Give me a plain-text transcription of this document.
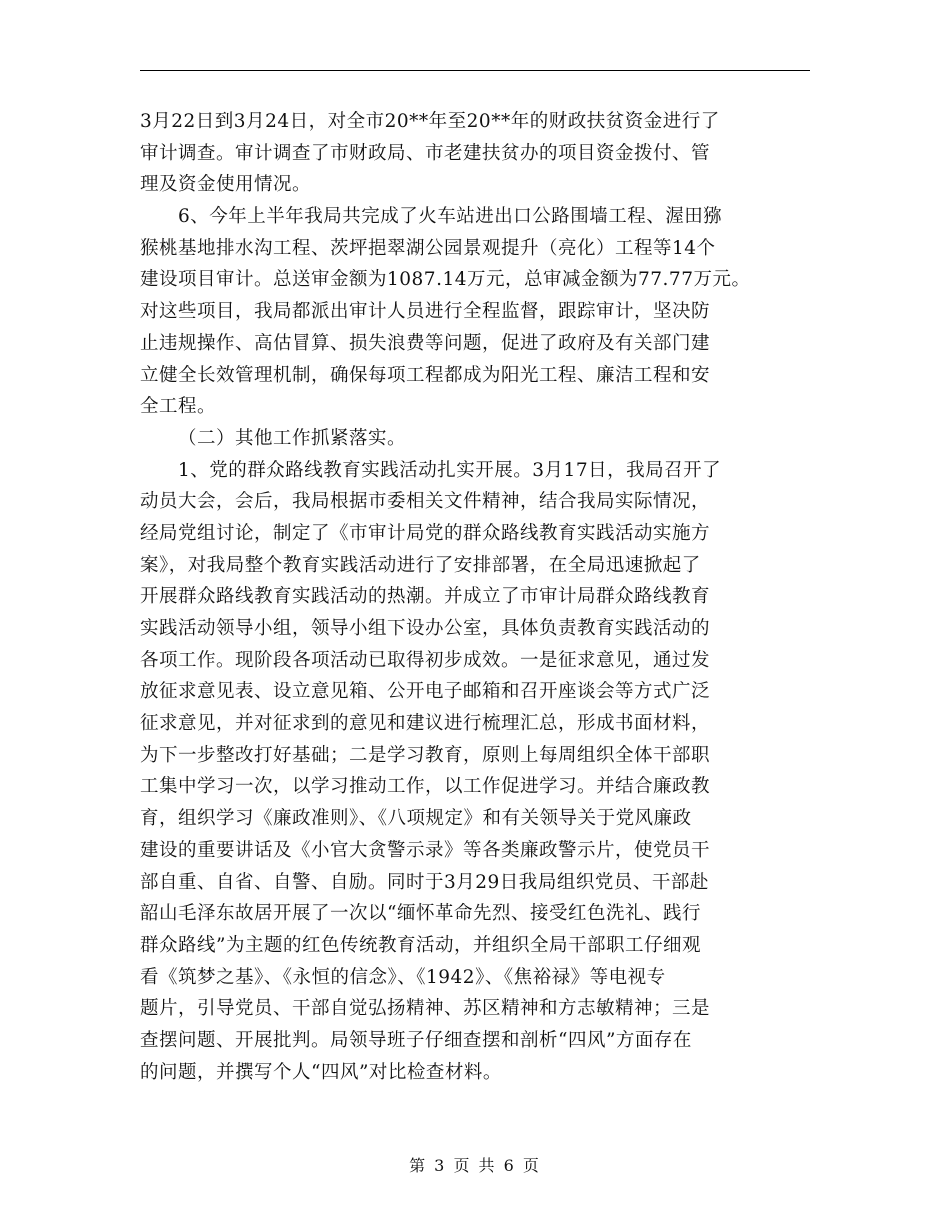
3月22日到3月24日，对全市20**年至20**年的财政扶贫资金进行了
审计调查。审计调查了市财政局、市老建扶贫办的项目资金拨付、管
理及资金使用情况。
6、今年上半年我局共完成了火车站进出口公路围墙工程、渥田猕
猴桃基地排水沟工程、茨坪挹翠湖公园景观提升（亮化）工程等14个
建设项目审计。总送审金额为1087.14万元，总审减金额为77.77万元。
对这些项目，我局都派出审计人员进行全程监督，跟踪审计，坚决防
止违规操作、高估冒算、损失浪费等问题，促进了政府及有关部门建
立健全长效管理机制，确保每项工程都成为阳光工程、廉洁工程和安
全工程。
（二）其他工作抓紧落实。
1、党的群众路线教育实践活动扎实开展。3月17日，我局召开了
动员大会，会后，我局根据市委相关文件精神，结合我局实际情况，
经局党组讨论，制定了《市审计局党的群众路线教育实践活动实施方
案》，对我局整个教育实践活动进行了安排部署，在全局迅速掀起了
开展群众路线教育实践活动的热潮。并成立了市审计局群众路线教育
实践活动领导小组，领导小组下设办公室，具体负责教育实践活动的
各项工作。现阶段各项活动已取得初步成效。一是征求意见，通过发
放征求意见表、设立意见箱、公开电子邮箱和召开座谈会等方式广泛
征求意见，并对征求到的意见和建议进行梳理汇总，形成书面材料，
为下一步整改打好基础；二是学习教育，原则上每周组织全体干部职
工集中学习一次，以学习推动工作，以工作促进学习。并结合廉政教
育，组织学习《廉政准则》、《八项规定》和有关领导关于党风廉政
建设的重要讲话及《小官大贪警示录》等各类廉政警示片，使党员干
部自重、自省、自警、自励。同时于3月29日我局组织党员、干部赴
韶山毛泽东故居开展了一次以“缅怀革命先烈、接受红色洗礼、践行
群众路线”为主题的红色传统教育活动，并组织全局干部职工仔细观
看《筑梦之基》、《永恒的信念》、《1942》、《焦裕禄》等电视专
题片，引导党员、干部自觉弘扬精神、苏区精神和方志敏精神；三是
查摆问题、开展批判。局领导班子仔细查摆和剖析“四风”方面存在
的问题，并撰写个人“四风”对比检查材料。
第 3 页 共 6 页
